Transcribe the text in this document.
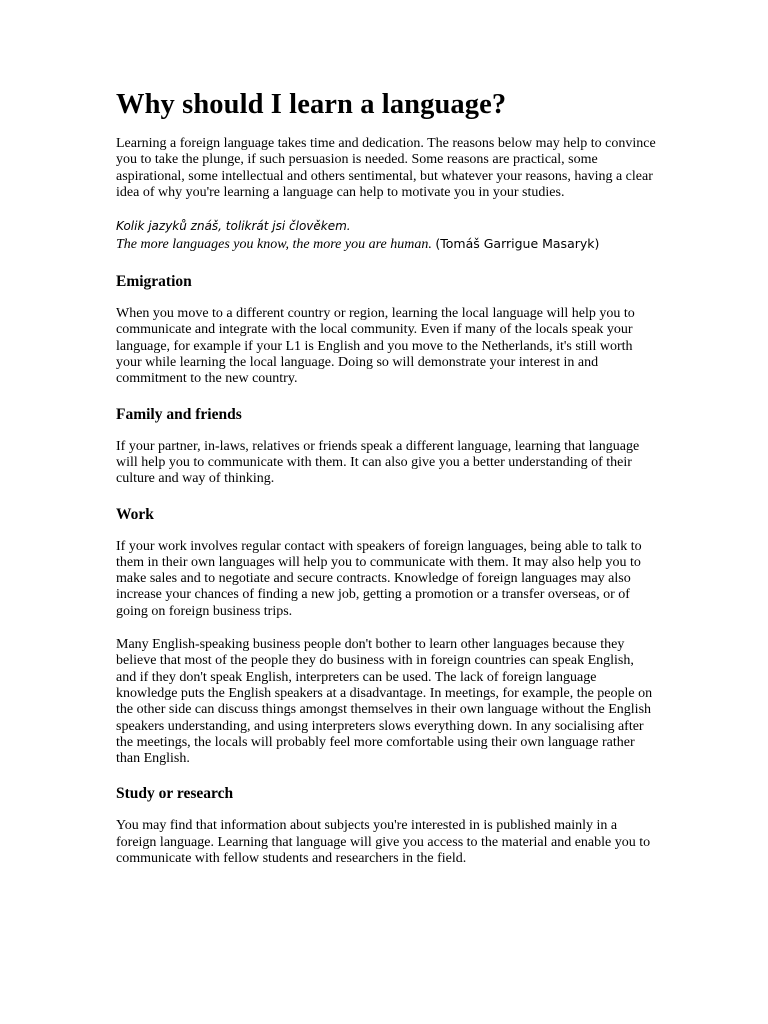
Why should I learn a language?

Learning a foreign language takes time and dedication. The reasons below may help to convince you to take the plunge, if such persuasion is needed. Some reasons are practical, some aspirational, some intellectual and others sentimental, but whatever your reasons, having a clear idea of why you're learning a language can help to motivate you in your studies.

Kolik jazyků znáš, tolikrát jsi člověkem.
The more languages you know, the more you are human. (Tomáš Garrigue Masaryk)
Emigration

When you move to a different country or region, learning the local language will help you to communicate and integrate with the local community. Even if many of the locals speak your language, for example if your L1 is English and you move to the Netherlands, it's still worth your while learning the local language. Doing so will demonstrate your interest in and commitment to the new country.

Family and friends

If your partner, in-laws, relatives or friends speak a different language, learning that language will help you to communicate with them. It can also give you a better understanding of their culture and way of thinking.

Work

If your work involves regular contact with speakers of foreign languages, being able to talk to them in their own languages will help you to communicate with them. It may also help you to make sales and to negotiate and secure contracts. Knowledge of foreign languages may also increase your chances of finding a new job, getting a promotion or a transfer overseas, or of going on foreign business trips.

Many English-speaking business people don't bother to learn other languages because they believe that most of the people they do business with in foreign countries can speak English, and if they don't speak English, interpreters can be used. The lack of foreign language knowledge puts the English speakers at a disadvantage. In meetings, for example, the people on the other side can discuss things amongst themselves in their own language without the English speakers understanding, and using interpreters slows everything down. In any socialising after the meetings, the locals will probably feel more comfortable using their own language rather than English.

Study or research

You may find that information about subjects you're interested in is published mainly in a foreign language. Learning that language will give you access to the material and enable you to communicate with fellow students and researchers in the field.
